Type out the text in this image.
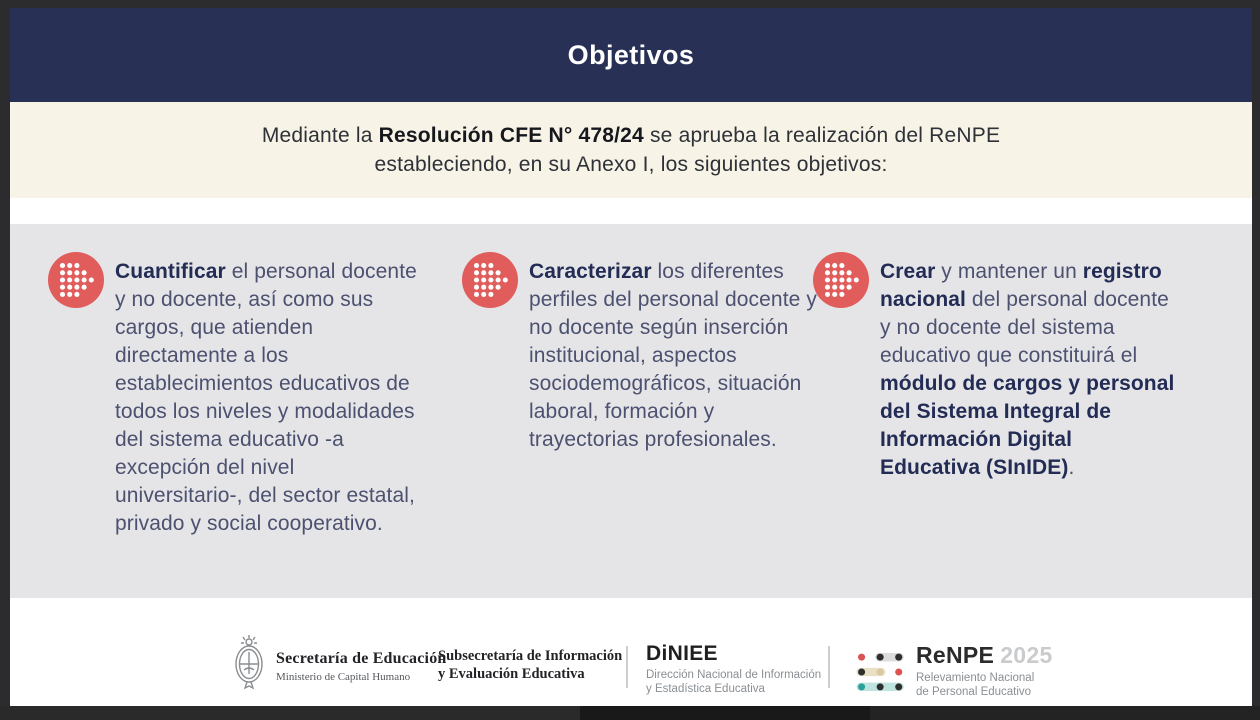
Objetivos

Mediante la Resolución CFE N° 478/24 se aprueba la realización del ReNPE estableciendo, en su Anexo I, los siguientes objetivos:

Cuantificar el personal docente y no docente, así como sus cargos, que atienden directamente a los establecimientos educativos de todos los niveles y modalidades del sistema educativo -a excepción del nivel universitario-, del sector estatal, privado y social cooperativo.

Caracterizar los diferentes perfiles del personal docente y no docente según inserción institucional, aspectos sociodemográficos, situación laboral, formación y trayectorias profesionales.

Crear y mantener un registro nacional del personal docente y no docente del sistema educativo que constituirá el módulo de cargos y personal del Sistema Integral de Información Digital Educativa (SInIDE).

Secretaría de Educación
Ministerio de Capital Humano
Subsecretaría de Información
y Evaluación Educativa
DiNIEE
Dirección Nacional de Información
y Estadística Educativa
ReNPE 2025
Relevamiento Nacional
de Personal Educativo
